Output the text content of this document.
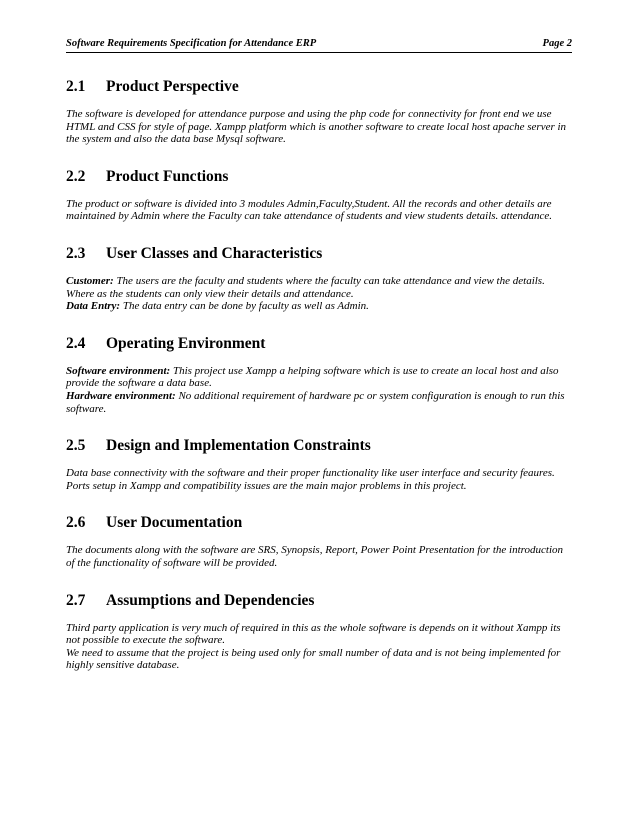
Software Requirements Specification for Attendance ERP	Page 2
2.1	Product Perspective

The software is developed for attendance purpose and using the php code for connectivity for front end we use HTML and CSS for style of page. Xampp platform which is another software to create local host apache server in the system and also the data base Mysql software.

2.2	Product Functions

The product or software is divided into 3 modules Admin,Faculty,Student. All the records and other details are maintained by Admin where the Faculty can take attendance of students and view students details. attendance.

2.3	User Classes and Characteristics

Customer: The users are the faculty and students where the faculty can take attendance and view the details.

Where as the students can only view their details and attendance.

Data Entry: The data entry can be done by faculty as well as Admin.

2.4	Operating Environment

Software environment: This project use Xampp a helping software which is use to create an local host and also provide the software a data base.

Hardware environment: No additional requirement of hardware pc or system configuration is enough to run this software.

2.5	Design and Implementation Constraints

Data base connectivity with the software and their proper functionality like user interface and security feaures.

Ports setup in Xampp and compatibility issues are the main major problems in this project.

2.6	User Documentation

The documents along with the software are SRS, Synopsis, Report, Power Point Presentation for the introduction of the functionality of software will be provided.

2.7	Assumptions and Dependencies

Third party application is very much of required in this as the whole software is depends on it without Xampp its not possible to execute the software.

We need to assume that the project is being used only for small number of data and is not being implemented for highly sensitive database.
